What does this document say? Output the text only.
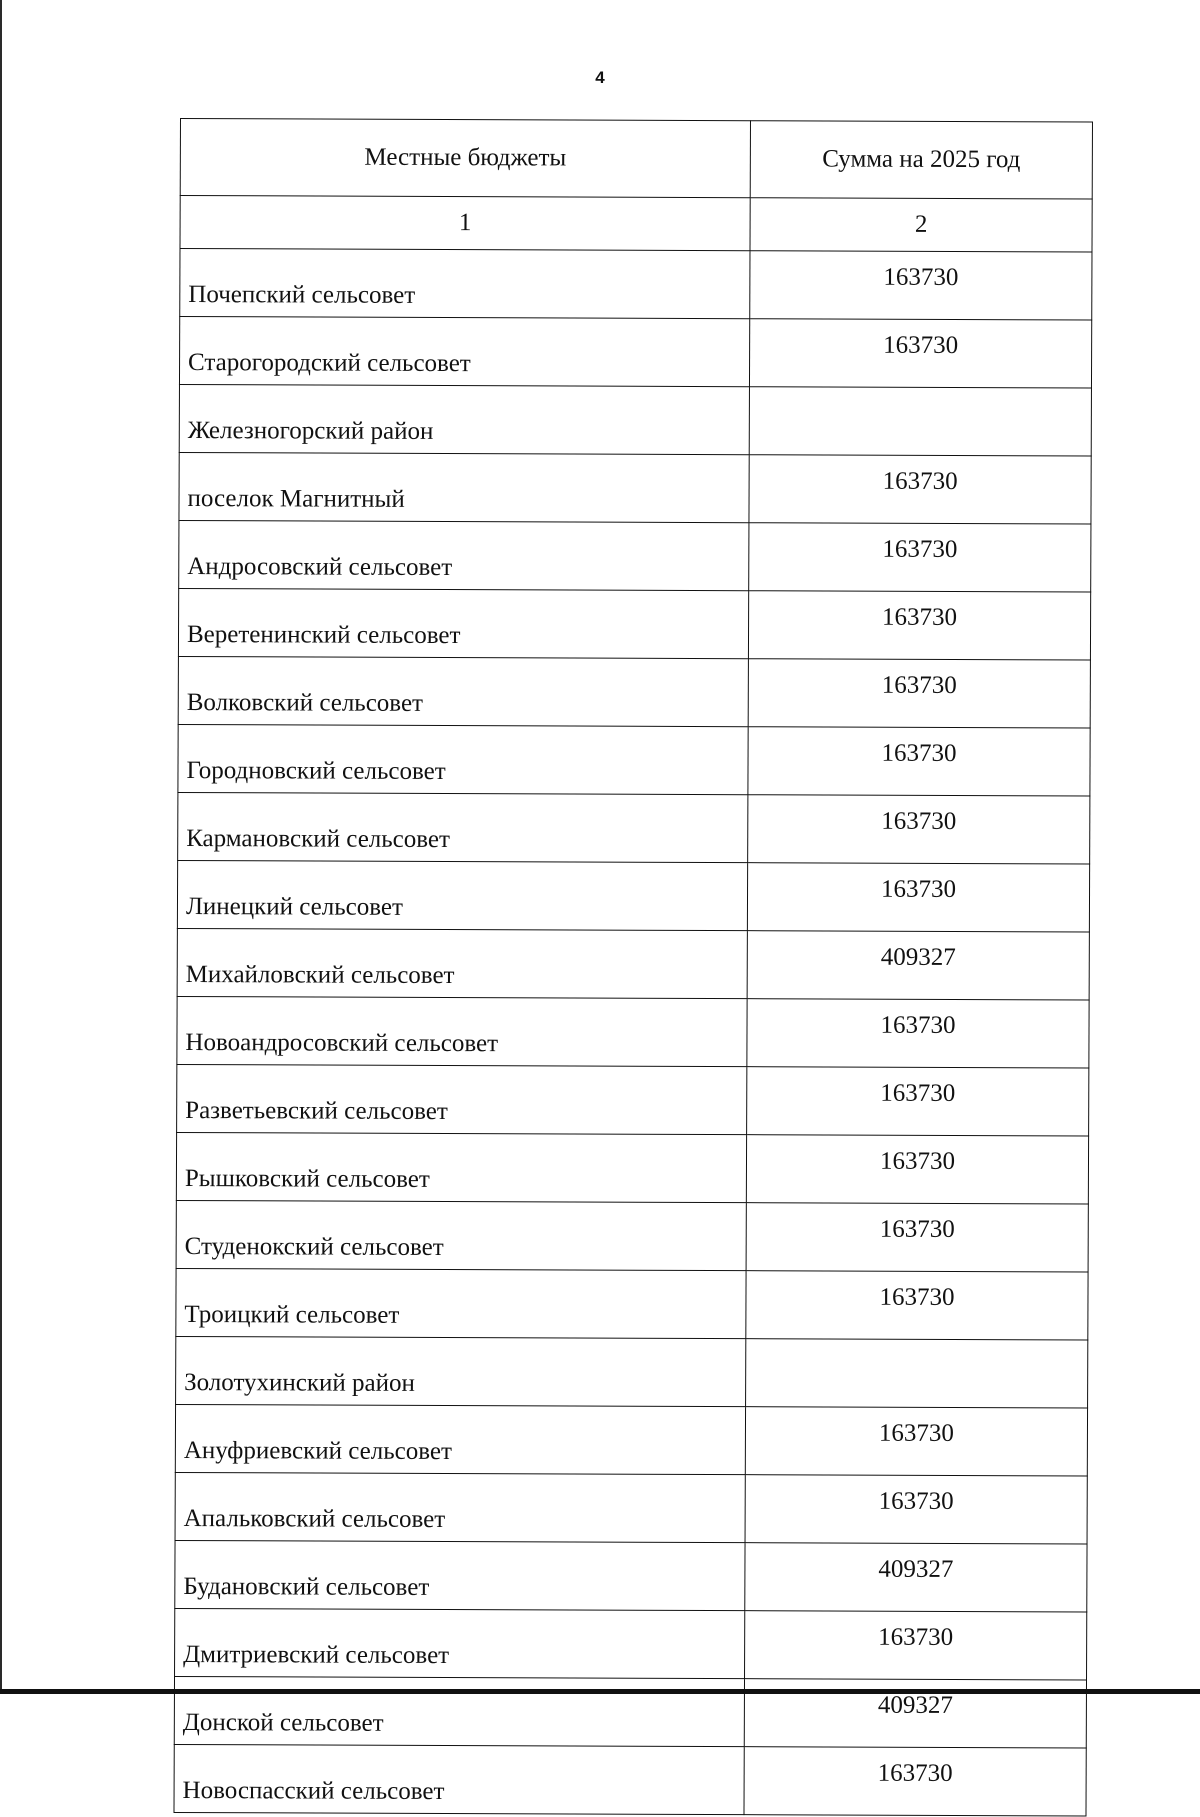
4
Местные бюджеты	Сумма на 2025 год
1	2
Почепский сельсовет	163730
Старогородский сельсовет	163730
Железногорский район	
поселок Магнитный	163730
Андросовский сельсовет	163730
Веретенинский сельсовет	163730
Волковский сельсовет	163730
Городновский сельсовет	163730
Кармановский сельсовет	163730
Линецкий сельсовет	163730
Михайловский сельсовет	409327
Новоандросовский сельсовет	163730
Разветьевский сельсовет	163730
Рышковский сельсовет	163730
Студенокский сельсовет	163730
Троицкий сельсовет	163730
Золотухинский район	
Ануфриевский сельсовет	163730
Апальковский сельсовет	163730
Будановский сельсовет	409327
Дмитриевский сельсовет	163730
Донской сельсовет	409327
Новоспасский сельсовет	163730
